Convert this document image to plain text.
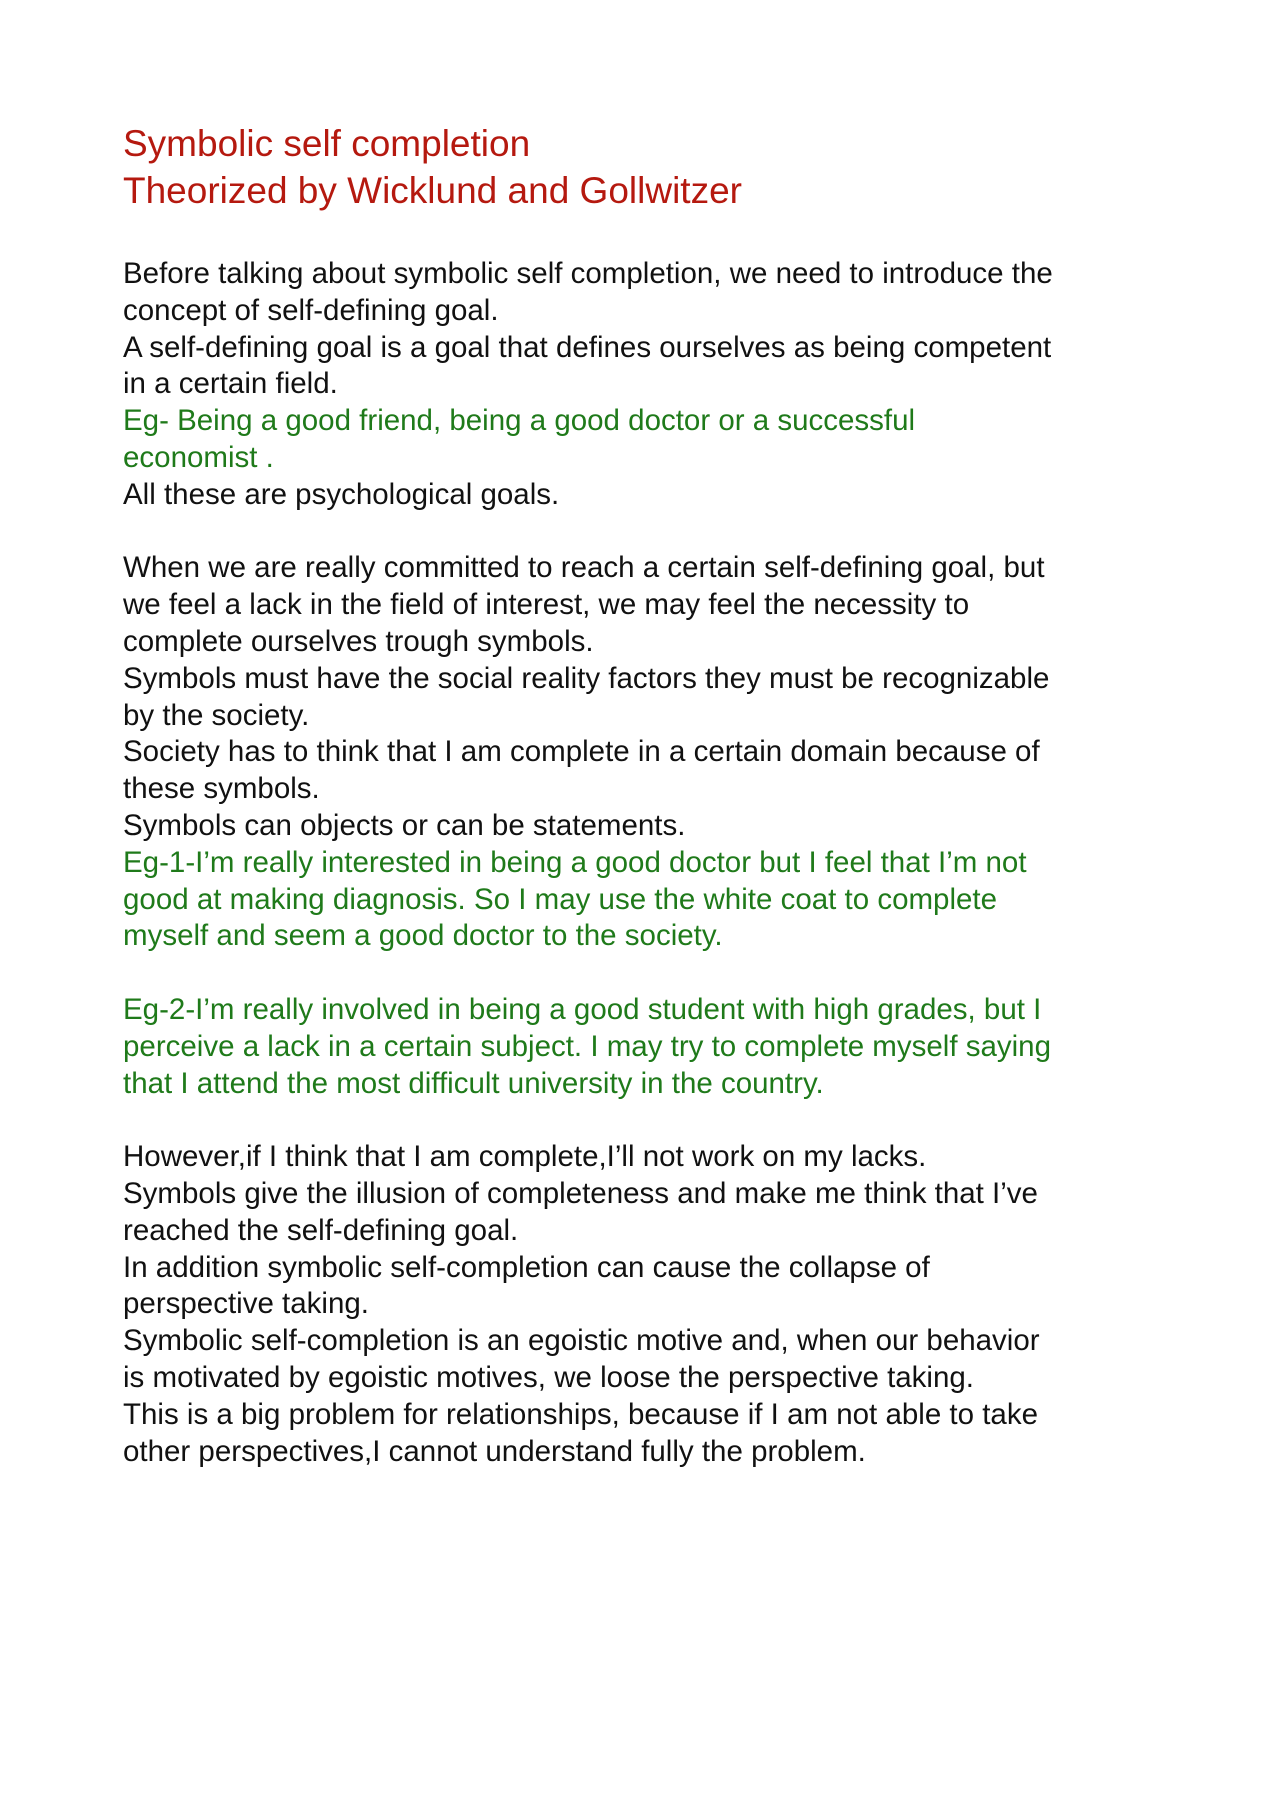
Symbolic self completion

Theorized by Wicklund and Gollwitzer

Before talking about symbolic self completion, we need to introduce the

concept of self-defining goal.

A self-defining goal is a goal that defines ourselves as being competent

in a certain field.

Eg- Being a good friend, being a good doctor or a successful

economist .

All these are psychological goals.

When we are really committed to reach a certain self-defining goal, but

we feel a lack in the field of interest, we may feel the necessity to

complete ourselves trough symbols.

Symbols must have the social reality factors they must be recognizable

by the society.

Society has to think that I am complete in a certain domain because of

these symbols.

Symbols can objects or can be statements.

Eg-1-I’m really interested in being a good doctor but I feel that I’m not

good at making diagnosis. So I may use the white coat to complete

myself and seem a good doctor to the society.

Eg-2-I’m really involved in being a good student with high grades, but I

perceive a lack in a certain subject. I may try to complete myself saying

that I attend the most difficult university in the country.

However,if I think that I am complete,I’ll not work on my lacks.

Symbols give the illusion of completeness and make me think that I’ve

reached the self-defining goal.

In addition symbolic self-completion can cause the collapse of

perspective taking.

Symbolic self-completion is an egoistic motive and, when our behavior

is motivated by egoistic motives, we loose the perspective taking.

This is a big problem for relationships, because if I am not able to take

other perspectives,I cannot understand fully the problem.
